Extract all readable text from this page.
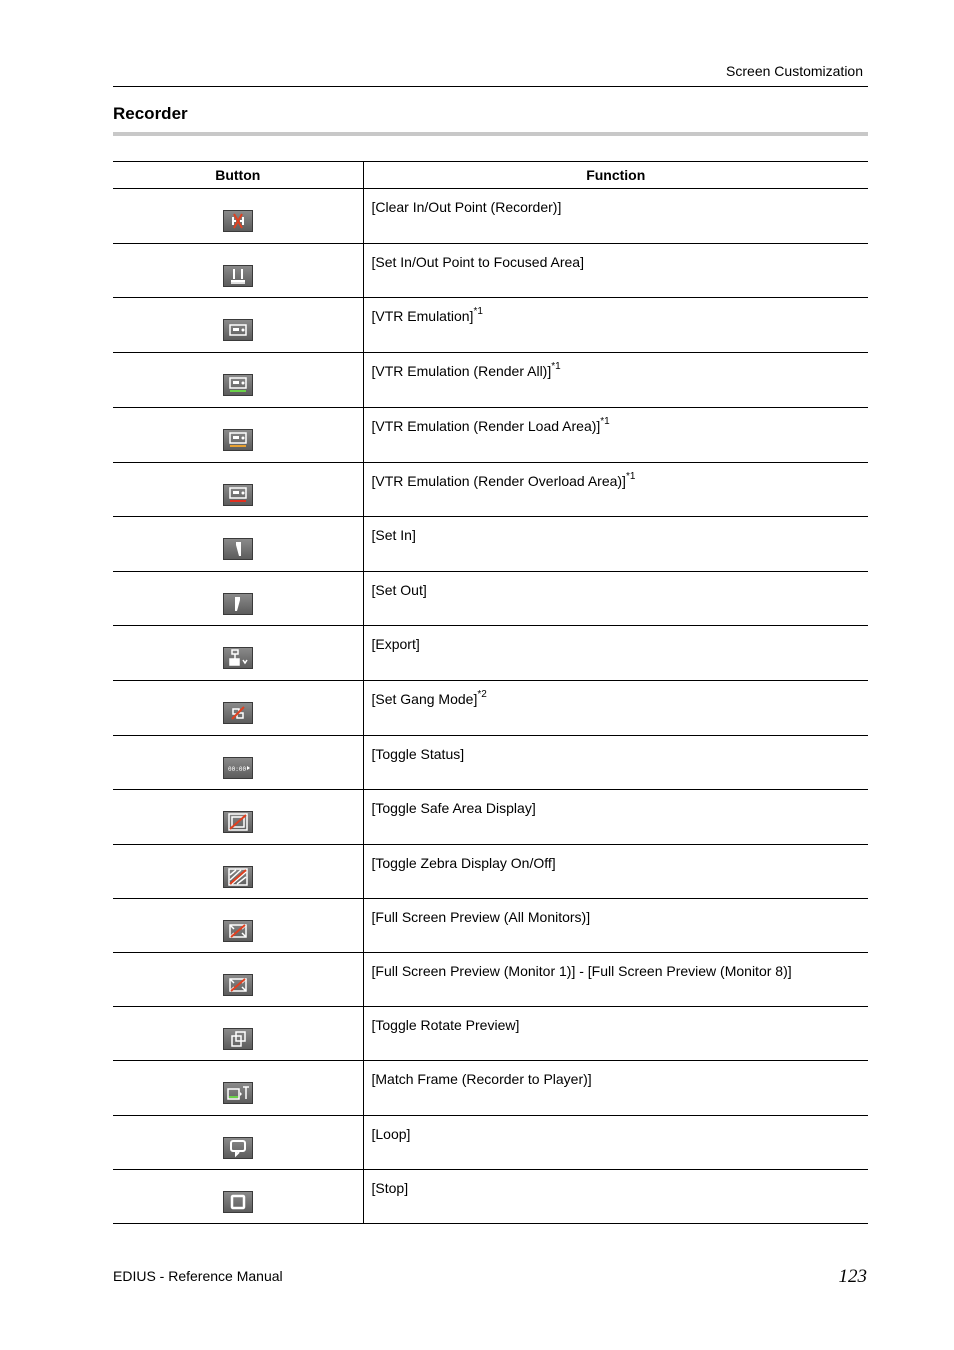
Screen Customization
Recorder
Button	Function

	[Clear In/Out Point (Recorder)]

	[Set In/Out Point to Focused Area]

	[VTR Emulation]$^{*1}$

	[VTR Emulation (Render All)]$^{*1}$

	[VTR Emulation (Render Load Area)]$^{*1}$

	[VTR Emulation (Render Overload Area)]$^{*1}$

	[Set In]

	[Set Out]

	[Export]

	[Set Gang Mode]$^{*2}$

00:00	[Toggle Status]

	[Toggle Safe Area Display]

	[Toggle Zebra Display On/Off]

	[Full Screen Preview (All Monitors)]

	[Full Screen Preview (Monitor 1)] - [Full Screen Preview (Monitor 8)]

	[Toggle Rotate Preview]

	[Match Frame (Recorder to Player)]

	[Loop]

	[Stop]
EDIUS - Reference Manual	123
